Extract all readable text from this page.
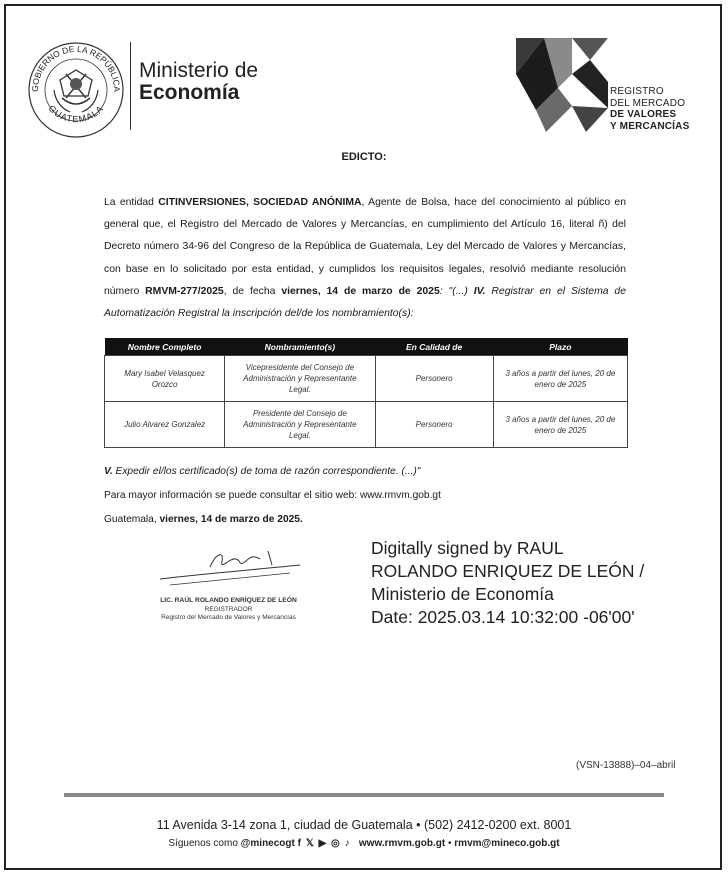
GOBIERNO DE LA REPÚBLICA
GUATEMALA
Ministerio de
Economía	REGISTRO
DEL MERCADO
DE VALORES
Y MERCANCÍAS
EDICTO:
La entidad CITINVERSIONES, SOCIEDAD ANÓNIMA, Agente de Bolsa, hace del conocimiento al público en general que, el Registro del Mercado de Valores y Mercancías, en cumplimiento del Artículo 16, literal ñ) del Decreto número 34-96 del Congreso de la República de Guatemala, Ley del Mercado de Valores y Mercancías, con base en lo solicitado por esta entidad, y cumplidos los requisitos legales, resolvió mediante resolución número RMVM-277/2025, de fecha viernes, 14 de marzo de 2025: "(...) IV. Registrar en el Sistema de Automatización Registral la inscripción del/de los nombramiento(s):
Nombre Completo	Nombramiento(s)	En Calidad de	Plazo
Mary Isabel Velasquez Orozco	Vicepresidente del Consejo de Administración y Representante Legal.	Personero	3 años a partir del lunes, 20 de enero de 2025
Julio Alvarez Gonzalez	Presidente del Consejo de Administración y Representante Legal.	Personero	3 años a partir del lunes, 20 de enero de 2025
V. Expedir el/los certificado(s) de toma de razón correspondiente. (...)"
Para mayor información se puede consultar el sitio web: www.rmvm.gob.gt
Guatemala, viernes, 14 de marzo de 2025.
LIC. RAÚL ROLANDO ENRÍQUEZ DE LEÓN
REGISTRADOR
Registro del Mercado de Valores y Mercancías
Digitally signed by RAUL
ROLANDO ENRIQUEZ DE LEÓN /
Ministerio de Economía
Date: 2025.03.14 10:32:00 -06'00'
(VSN-13888)–04–abril
11 Avenida 3-14 zona 1, ciudad de Guatemala • (502) 2412-0200 ext. 8001
Síguenos como @minecogt f 𝕏 ▶ ◎ ♪ www.rmvm.gob.gt • rmvm@mineco.gob.gt
